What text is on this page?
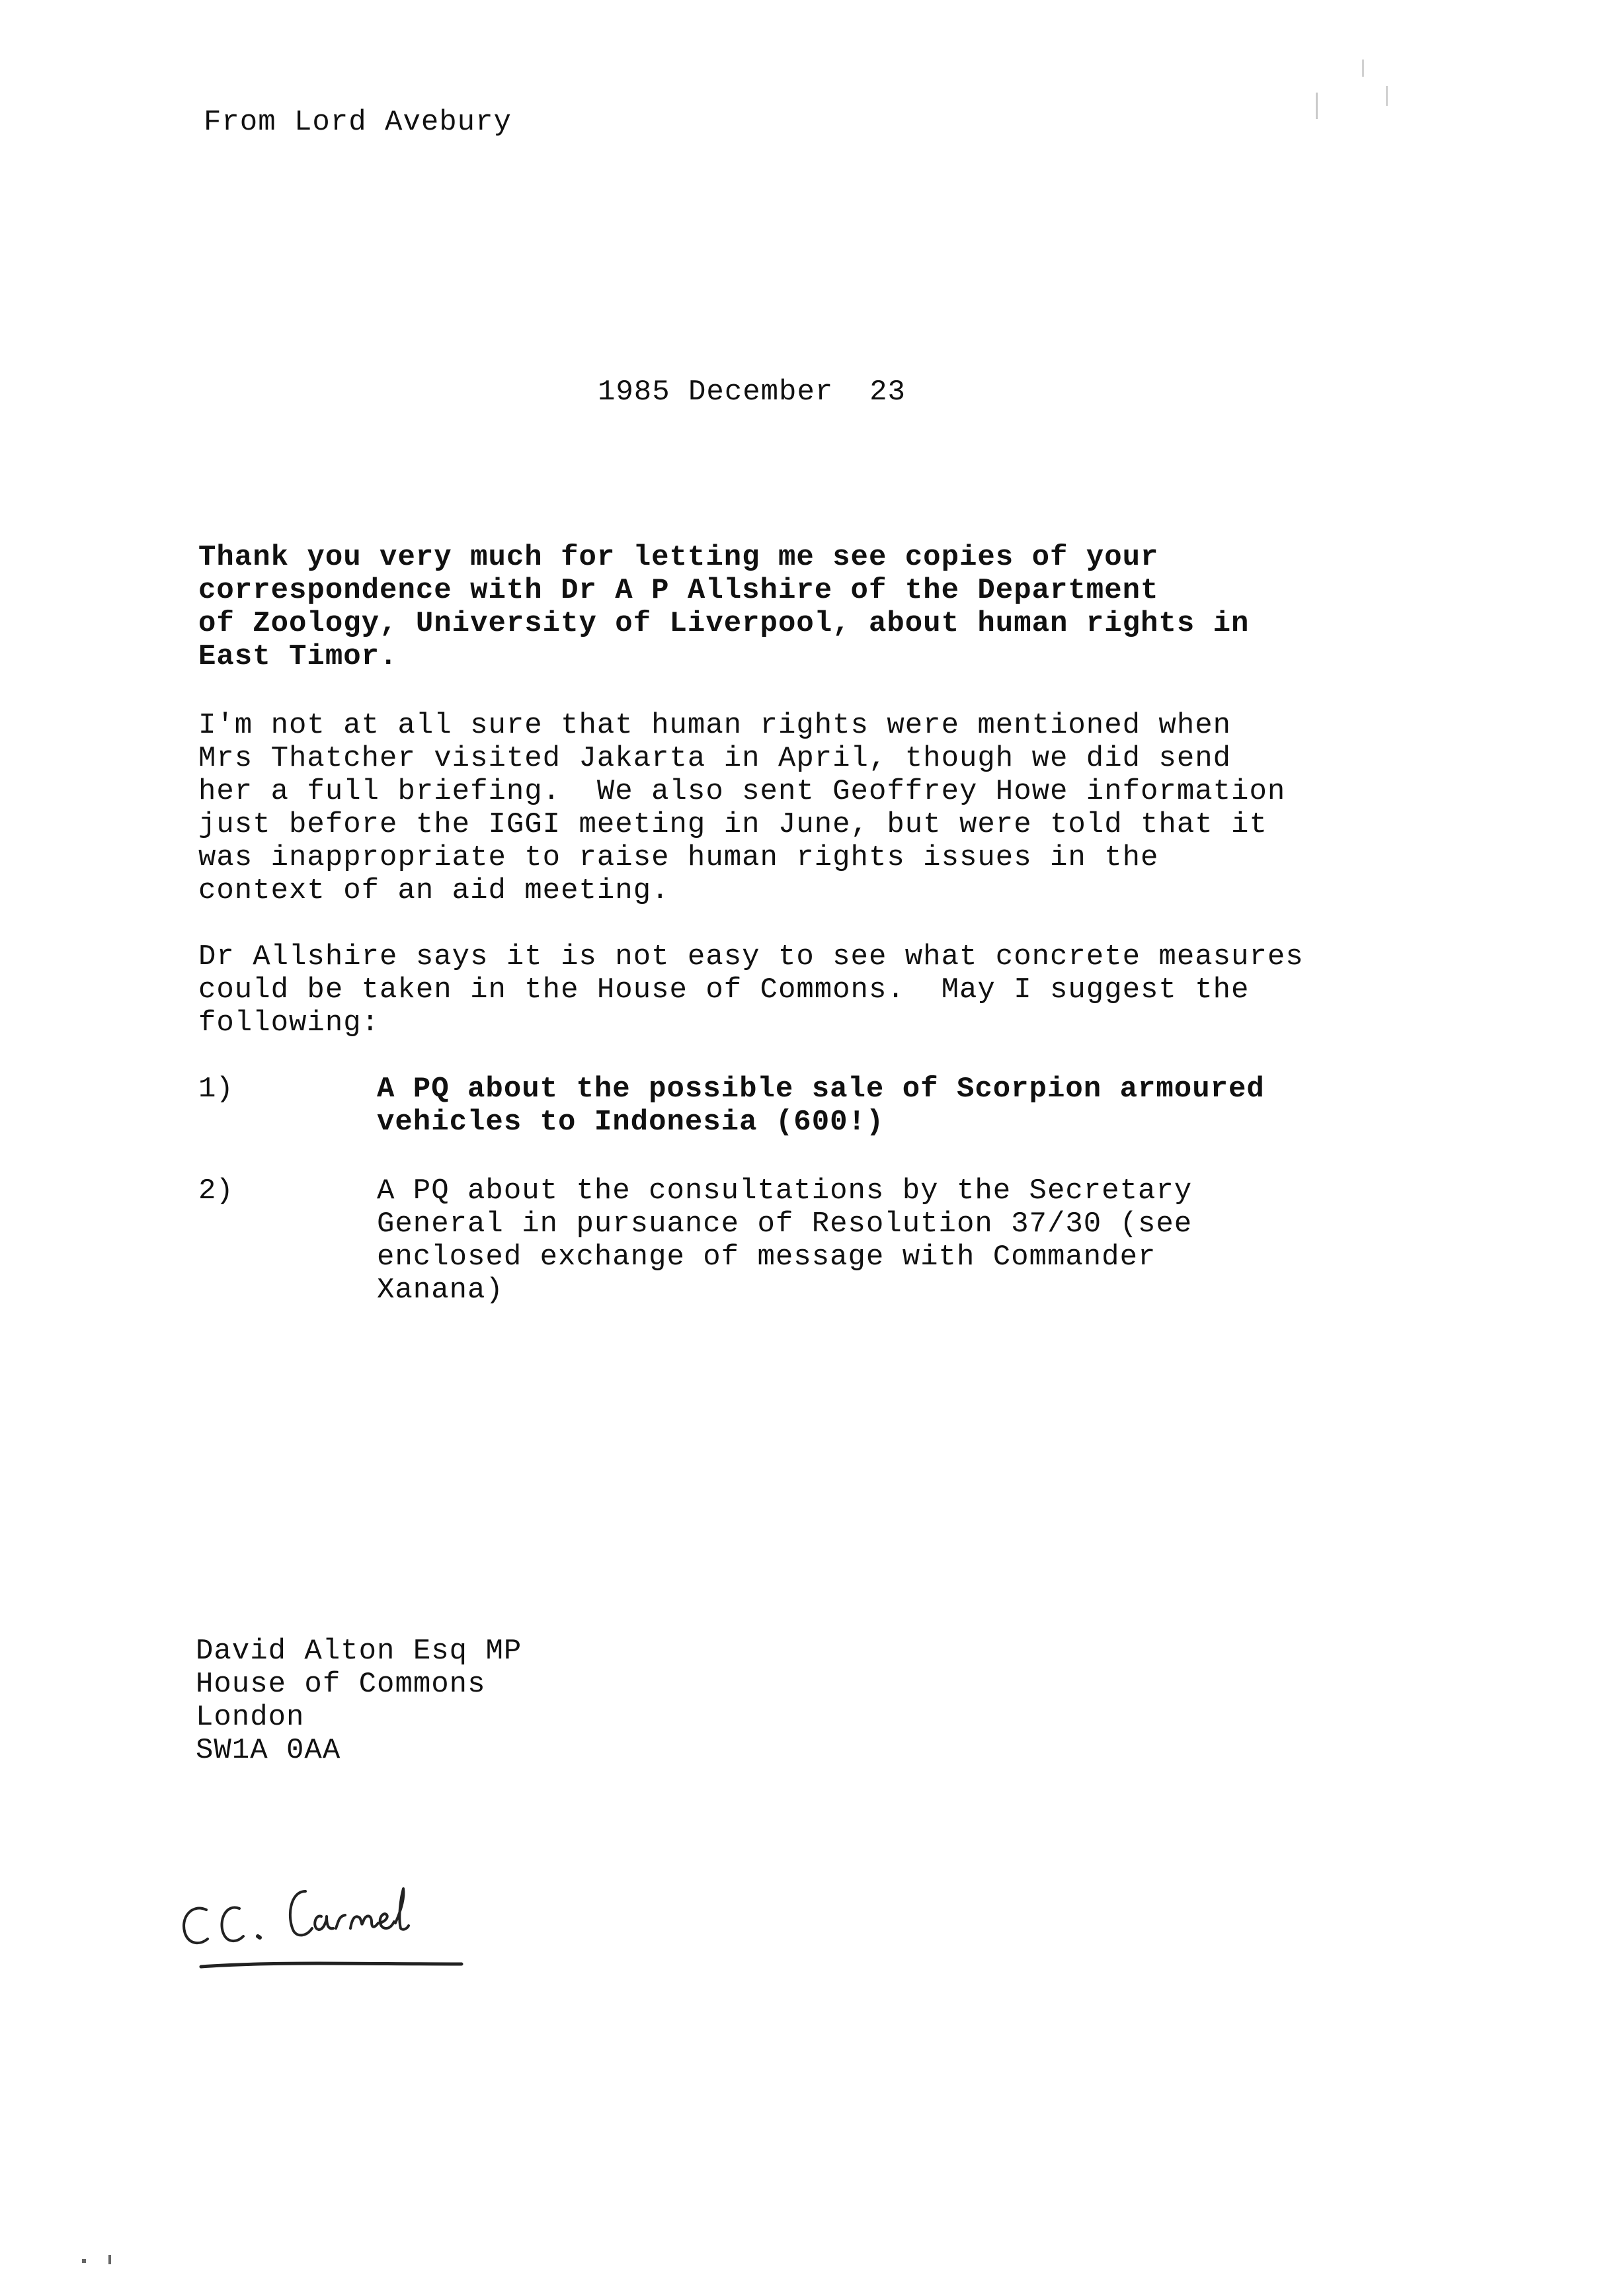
From Lord Avebury
1985 December  23
Thank you very much for letting me see copies of your
correspondence with Dr A P Allshire of the Department
of Zoology, University of Liverpool, about human rights in
East Timor.
I'm not at all sure that human rights were mentioned when
Mrs Thatcher visited Jakarta in April, though we did send
her a full briefing.  We also sent Geoffrey Howe information
just before the IGGI meeting in June, but were told that it
was inappropriate to raise human rights issues in the
context of an aid meeting.
Dr Allshire says it is not easy to see what concrete measures
could be taken in the House of Commons.  May I suggest the
following:
1)	A PQ about the possible sale of Scorpion armoured
vehicles to Indonesia (600!)
2)	A PQ about the consultations by the Secretary
General in pursuance of Resolution 37/30 (see
enclosed exchange of message with Commander
Xanana)
David Alton Esq MP
House of Commons
London
SW1A 0AA
